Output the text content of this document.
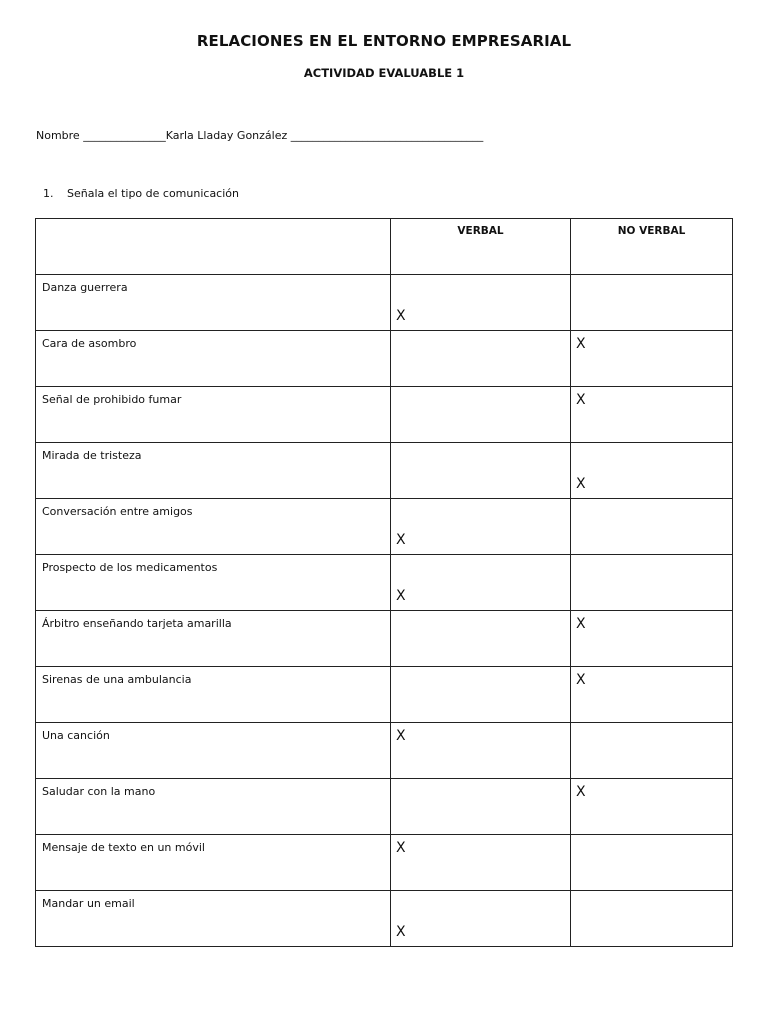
RELACIONES EN EL ENTORNO EMPRESARIAL
ACTIVIDAD EVALUABLE 1
Nombre _______________Karla Lladay González ___________________________________
1. Señala el tipo de comunicación

	VERBAL	NO VERBAL

Danza guerrera	X	

Cara de asombro		X

Señal de prohibido fumar		X

Mirada de tristeza		X

Conversación entre amigos	X	

Prospecto de los medicamentos	X	

Árbitro enseñando tarjeta amarilla		X

Sirenas de una ambulancia		X

Una canción	X	

Saludar con la mano		X

Mensaje de texto en un móvil	X	

Mandar un email	X	
